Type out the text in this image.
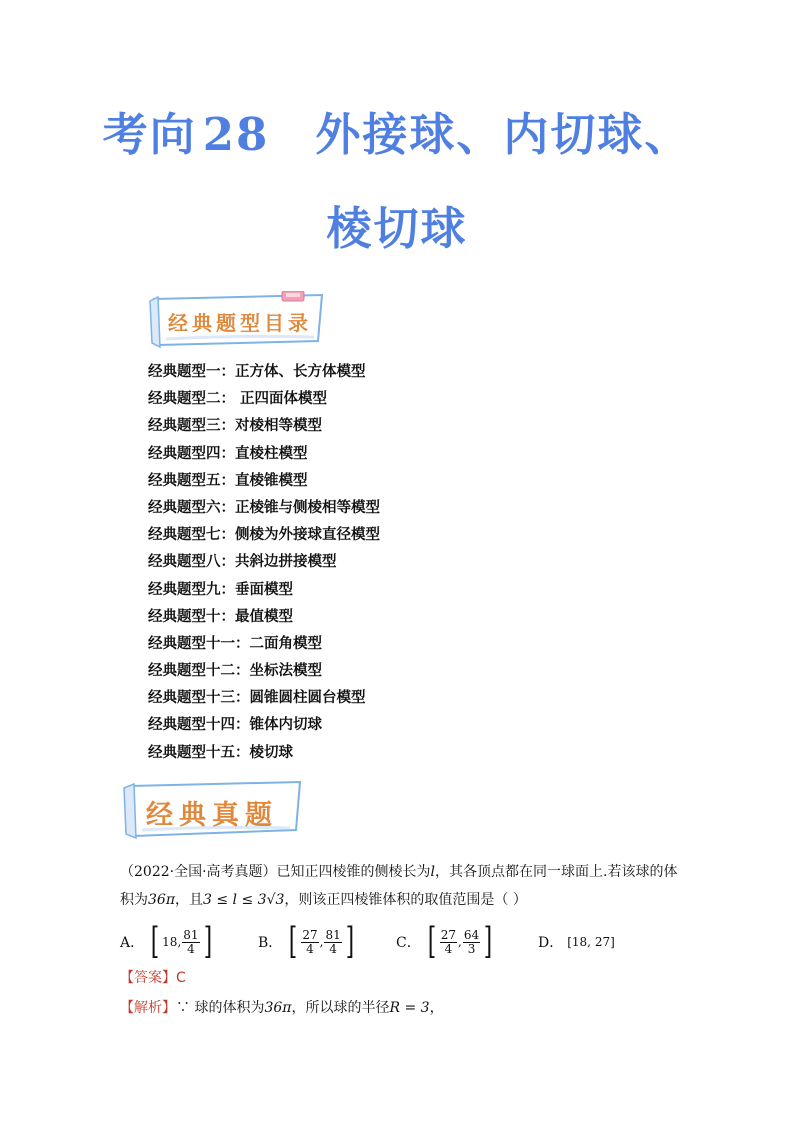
考向 28 外接球、内切球、
棱切球
经典题型目录
经典题型一：正方体、长方体模型
经典题型二： 正四面体模型
经典题型三：对棱相等模型
经典题型四：直棱柱模型
经典题型五：直棱锥模型
经典题型六：正棱锥与侧棱相等模型
经典题型七：侧棱为外接球直径模型
经典题型八：共斜边拼接模型
经典题型九：垂面模型
经典题型十：最值模型
经典题型十一：二面角模型
经典题型十二：坐标法模型
经典题型十三：圆锥圆柱圆台模型
经典题型十四：锥体内切球
经典题型十五：棱切球
经典真题
（2022·全国·高考真题）已知正四棱锥的侧棱长为l，其各顶点都在同一球面上.若该球的体
积为36π，且3 ≤ l ≤ 3√3，则该正四棱锥体积的取值范围是（ ）
A． [ 18, $\frac{81}{4}$ ]	B． [ $\frac{27}{4}$ , $\frac{81}{4}$ ]	C． [ $\frac{27}{4}$ , $\frac{64}{3}$ ]	D． [18, 27]
【答案】C
【解析】∵ 球的体积为36π，所以球的半径R = 3，
